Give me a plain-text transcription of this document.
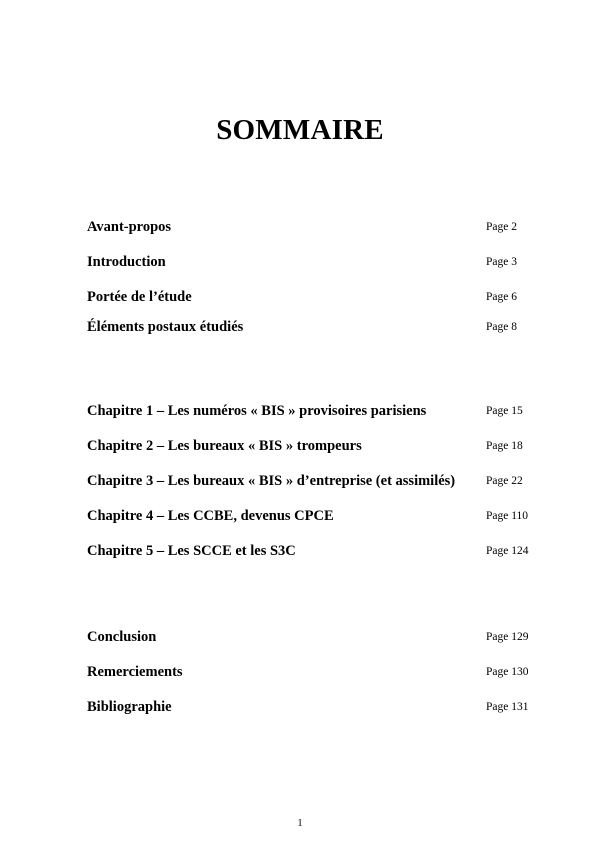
SOMMAIRE
Avant-propos	Page 2
Introduction	Page 3
Portée de l’étude	Page 6
Éléments postaux étudiés	Page 8
Chapitre 1 – Les numéros « BIS » provisoires parisiens	Page 15
Chapitre 2 – Les bureaux « BIS » trompeurs	Page 18
Chapitre 3 – Les bureaux « BIS » d’entreprise (et assimilés)	Page 22
Chapitre 4 – Les CCBE, devenus CPCE	Page 110
Chapitre 5 – Les SCCE et les S3C	Page 124
Conclusion	Page 129
Remerciements	Page 130
Bibliographie	Page 131
1
